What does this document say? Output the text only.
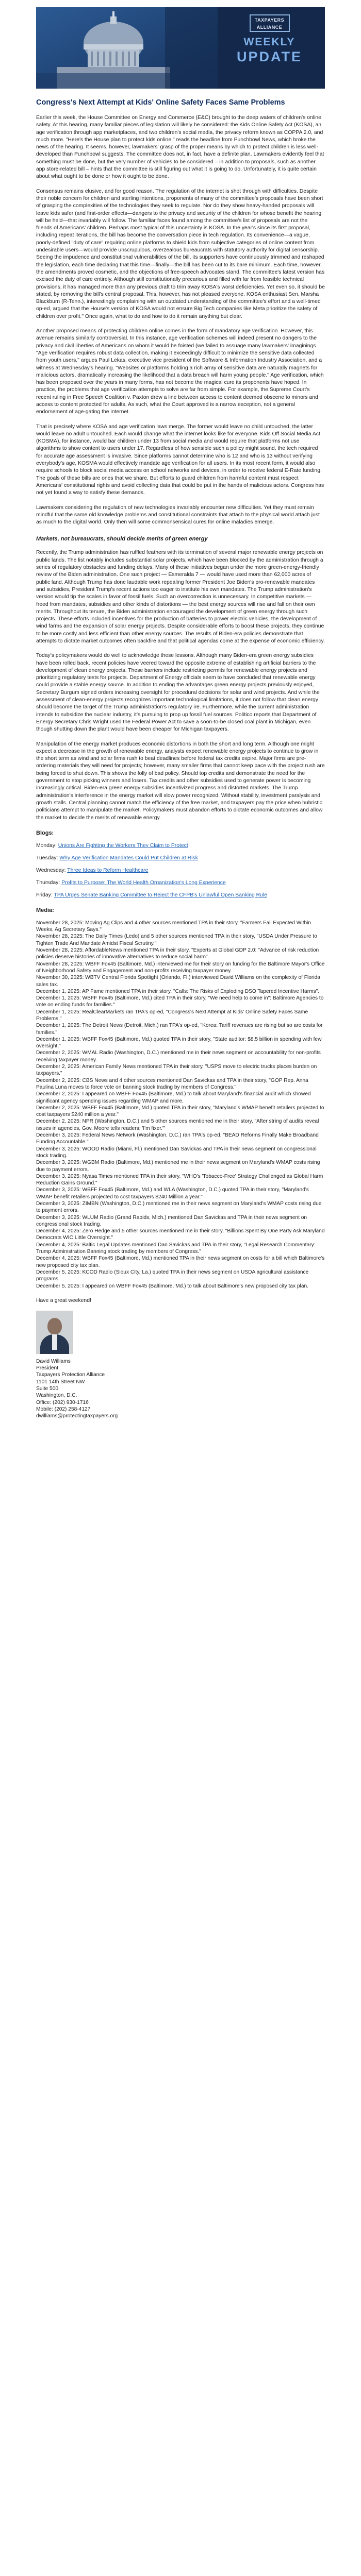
TAXPAYERS
ALLIANCE
WEEKLY
UPDATE
Congress's Next Attempt at Kids' Online Safety Faces Same Problems

Earlier this week, the House Committee on Energy and Commerce (E&C) brought to the deep waters of children's online safety. At this hearing, many familiar pieces of legislation will likely be considered: the Kids Online Safety Act (KOSA), an age verification through app marketplaces, and two children's social media, the privacy reform known as COPPA 2.0, and much more. "Here's the House plan to protect kids online," reads the headline from Punchbowl News, which broke the news of the hearing. It seems, however, lawmakers' grasp of the proper means by which to protect children is less well-developed than Punchbowl suggests. The committee does not, in fact, have a definite plan. Lawmakers evidently feel that something must be done, but the very number of vehicles to be considered – in addition to proposals, such as another app store-related bill – hints that the committee is still figuring out what it is going to do. Unfortunately, it is quite certain about what ought to be done or how it ought to be done.

Consensus remains elusive, and for good reason. The regulation of the internet is shot through with difficulties. Despite their noble concern for children and sterling intentions, proponents of many of the committee's proposals have been short of grasping the complexities of the technologies they seek to regulate. Nor do they show heavy-handed proposals will leave kids safer (and first-order effects—dangers to the privacy and security of the children for whose benefit the hearing will be held—that invariably will follow. The familiar faces found among the committee's list of proposals are not the friends of Americans' children. Perhaps most typical of this uncertainty is KOSA. In the year's since its first proposal, including repeat iterations, the bill has become the conversation piece in tech regulation. Its convenience—a vague, poorly-defined "duty of care" requiring online platforms to shield kids from subjective categories of online content from undesirable users—would provide unscrupulous, overzealous bureaucrats with statutory authority for digital censorship. Seeing the impudence and constitutional vulnerabilities of the bill, its supporters have continuously trimmed and reshaped the legislation, each time declaring that this time—finally—the bill has been cut to its bare minimum. Each time, however, the amendments proved cosmetic, and the objections of free-speech advocates stand. The committee's latest version has excised the duty of care entirely. Although still constitutionally precarious and filled with far from feasible technical provisions, it has managed more than any previous draft to trim away KOSA's worst deficiencies. Yet even so, it should be stated, by removing the bill's central proposal. This, however, has not pleased everyone. KOSA enthusiast Sen. Marsha Blackburn (R-Tenn.), interestingly complaining with an outdated understanding of the committee's effort and a well-timed op-ed, argued that the House's version of KOSA would not ensure Big Tech companies like Meta prioritize the safety of children over profit." Once again, what to do and how to do it remain anything but clear.

Another proposed means of protecting children online comes in the form of mandatory age verification. However, this avenue remains similarly controversial. In this instance, age verification schemes will indeed present no dangers to the privacy and civil liberties of Americans on whom it would be foisted (we failed to assuage many lawmakers' imaginings. "Age verification requires robust data collection, making it exceedingly difficult to minimize the sensitive data collected from youth users," argues Paul Lekas, executive vice president of the Software & Information Industry Association, and a witness at Wednesday's hearing. "Websites or platforms holding a rich array of sensitive data are naturally magnets for malicious actors, dramatically increasing the likelihood that a data breach will harm young people." Age verification, which has been proposed over the years in many forms, has not become the magical cure its proponents have hoped. In practice, the problems that age verification attempts to solve are far from simple. For example, the Supreme Court's recent ruling in Free Speech Coalition v. Paxton drew a line between access to content deemed obscene to minors and access to content protected for adults. As such, what the Court approved is a narrow exception, not a general endorsement of age-gating the internet.

That is precisely where KOSA and age verification laws merge. The former would leave no child untouched, the latter would leave no adult untouched. Each would change what the internet looks like for everyone. Kids Off Social Media Act (KOSMA), for instance, would bar children under 13 from social media and would require that platforms not use algorithms to show content to users under 17. Regardless of how sensible such a policy might sound, the tech required for accurate age assessment is invasive. Since platforms cannot determine who is 12 and who is 13 without verifying everybody's age, KOSMA would effectively mandate age verification for all users. In its most recent form, it would also require schools to block social media access on school networks and devices, in order to receive federal E-Rate funding. The goals of these bills are ones that we share. But efforts to guard children from harmful content must respect Americans' constitutional rights and avoid collecting data that could be put in the hands of malicious actors. Congress has not yet found a way to satisfy these demands.

Lawmakers considering the regulation of new technologies invariably encounter new difficulties. Yet they must remain mindful that the same old knowledge problems and constitutional constraints that attach to the physical world attach just as much to the digital world. Only then will some commonsensical cures for online maladies emerge.

Markets, not bureaucrats, should decide merits of green energy

Recently, the Trump administration has ruffled feathers with its termination of several major renewable energy projects on public lands. The list notably includes substantial solar projects, which have been blocked by the administration through a series of regulatory obstacles and funding delays. Many of these initiatives began under the more green-energy-friendly review of the Biden administration. One such project — Esmeralda 7 — would have used more than 62,000 acres of public land. Although Trump has done laudable work repealing former President Joe Biden's pro-renewable mandates and subsidies, President Trump's recent actions too eager to institute his own mandates. The Trump administration's version would tip the scales in favor of fossil fuels. Such an overcorrection is unnecessary. In competitive markets — freed from mandates, subsidies and other kinds of distortions — the best energy sources will rise and fall on their own merits. Throughout its tenure, the Biden administration encouraged the development of green energy through such projects. These efforts included incentives for the production of batteries to power electric vehicles, the development of wind farms and the expansion of solar energy projects. Despite considerable efforts to boost these projects, they continue to be more costly and less efficient than other energy sources. The results of Biden-era policies demonstrate that attempts to dictate market outcomes often backfire and that political agendas come at the expense of economic efficiency.

Today's policymakers would do well to acknowledge these lessons. Although many Biden-era green energy subsidies have been rolled back, recent policies have veered toward the opposite extreme of establishing artificial barriers to the development of clean energy projects. These barriers include restricting permits for renewable energy projects and prioritizing regulatory tests for projects. Department of Energy officials seem to have concluded that renewable energy could provide a stable energy source. In addition to ending the advantages green energy projects previously enjoyed, Secretary Burgum signed orders increasing oversight for procedural decisions for solar and wind projects. And while the assessment of clean-energy projects recognizes important technological limitations, it does not follow that clean energy should become the target of the Trump administration's regulatory ire. Furthermore, while the current administration intends to subsidize the nuclear industry, it's pursuing to prop up fossil fuel sources. Politico reports that Department of Energy Secretary Chris Wright used the Federal Power Act to save a soon-to-be closed coal plant in Michigan, even though shutting down the plant would have been cheaper for Michigan taxpayers.

Manipulation of the energy market produces economic distortions in both the short and long term. Although one might expect a decrease in the growth of renewable energy, analysts expect renewable energy projects to continue to grow in the short term as wind and solar firms rush to beat deadlines before federal tax credits expire. Major firms are pre-ordering materials they will need for projects; however, many smaller firms that cannot keep pace with the project rush are being forced to shut down. This shows the folly of bad policy. Should top credits and demonstrate the need for the government to stop picking winners and losers. Tax credits and other subsidies used to generate power is becoming increasingly critical. Biden-era green energy subsidies incentivized progress and distorted markets. The Trump administration's interference in the energy market will slow power recognized. Without stability, investment paralysis and growth stalls. Central planning cannot match the efficiency of the free market, and taxpayers pay the price when hubristic politicians attempt to manipulate the market. Policymakers must abandon efforts to dictate economic outcomes and allow the market to decide the merits of renewable energy.

Blogs:
Monday: Unions Are Fighting the Workers They Claim to Protect
Tuesday: Why Age Verification Mandates Could Put Children at Risk
Wednesday: Three Ideas to Reform Healthcare
Thursday: Profits to Purpose: The World Health Organization's Long Experience
Friday: TPA Urges Senate Banking Committee to Reject the CFPB's Unlawful Open Banking Rule
Media:

November 28, 2025: Moving Ag Clips and 4 other sources mentioned TPA in their story, "Farmers Fail Expected Within Weeks, Ag Secretary Says."

November 28, 2025: The Daily Times (Ledo) and 5 other sources mentioned TPA in their story, "USDA Under Pressure to Tighten Trade And Mandate Amidst Fiscal Scrutiny."

November 28, 2025: AffordableNews mentioned TPA in their story, "Experts at Global GDP 2.0: "Advance of risk reduction policies deserve histories of innovative alternatives to reduce social harm".

November 28, 2025: WBFF Fox45 (Baltimore, Md.) interviewed me for their story on funding for the Baltimore Mayor's Office of Neighborhood Safety and Engagement and non-profits receiving taxpayer money.

November 30, 2025: WBTV Central Florida Spotlight (Orlando, Fl.) interviewed David Williams on the complexity of Florida sales tax.

December 1, 2025: AP Fame mentioned TPA in their story, "Calls: The Risks of Exploding DSO Tapered Incentive Harms".

December 1, 2025: WBFF Fox45 (Baltimore, Md.) cited TPA in their story, "We need help to come in": Baltimore Agencies to vote on ending funds for families."

December 1, 2025: RealClearMarkets ran TPA's op-ed, "Congress's Next Attempt at Kids' Online Safety Faces Same Problems."

December 1, 2025: The Detroit News (Detroit, Mich.) ran TPA's op-ed, "Korea: Tariff revenues are rising but so are costs for families."

December 1, 2025: WBFF Fox45 (Baltimore, Md.) quoted TPA in their story, "State auditor: $8.5 billion in spending with few oversight."

December 2, 2025: WMAL Radio (Washington, D.C.) mentioned me in their news segment on accountability for non-profits receiving taxpayer money.

December 2, 2025: American Family News mentioned TPA in their story, "USPS move to electric trucks places burden on taxpayers."

December 2, 2025: CBS News and 4 other sources mentioned Dan Savickas and TPA in their story, "GOP Rep. Anna Paulina Luna moves to force vote on banning stock trading by members of Congress."

December 2, 2025: I appeared on WBFF Fox45 (Baltimore, Md.) to talk about Maryland's financial audit which showed significant agency spending issues regarding WMAP and more.

December 2, 2025: WBFF Fox45 (Baltimore, Md.) quoted TPA in their story, "Maryland's WMAP benefit retailers projected to cost taxpayers $240 million a year."

December 2, 2025: NPR (Washington, D.C.) and 5 other sources mentioned me in their story, "After string of audits reveal issues in agencies, Gov. Moore tells readers: 'I'm fixer.'"

December 3, 2025: Federal News Network (Washington, D.C.) ran TPA's op-ed, "BEAD Reforms Finally Make Broadband Funding Accountable."

December 3, 2025: WOOD Radio (Miami, Fl.) mentioned Dan Savickas and TPA in their news segment on congressional stock trading.

December 3, 2025: WGBM Radio (Baltimore, Md.) mentioned me in their news segment on Maryland's WMAP costs rising due to payment errors.

December 3, 2025: Nyasa Times mentioned TPA in their story, "WHO's 'Tobacco-Free' Strategy Challenged as Global Harm Reduction Gains Ground."

December 3, 2025: WBFF Fox45 (Baltimore, Md.) and WLA (Washington, D.C.) quoted TPA in their story, "Maryland's WMAP benefit retailers projected to cost taxpayers $240 Million a year."

December 3, 2025: ZIMBN (Washington, D.C.) mentioned me in their news segment on Maryland's WMAP costs rising due to payment errors.

December 3, 2025: WLUM Radio (Grand Rapids, Mich.) mentioned Dan Savickas and TPA in their news segment on congressional stock trading.

December 4, 2025: Zero Hedge and 5 other sources mentioned me in their story, "Billions Spent By One Party Ask Maryland Democrats WIC Little Oversight."

December 4, 2025: Baltic Legal Updates mentioned Dan Savickas and TPA in their story, "Legal Research Commentary: Trump Administration Banning stock trading by members of Congress."

December 4, 2025: WBFF Fox45 (Baltimore, Md.) mentioned TPA in their news segment on costs for a bill which Baltimore's new proposed city tax plan.

December 5, 2025: KCOD Radio (Sioux City, La.) quoted TPA in their news segment on USDA agricultural assistance programs.

December 5, 2025: I appeared on WBFF Fox45 (Baltimore, Md.) to talk about Baltimore's new proposed city tax plan.

Have a great weekend!
David Williams
President
Taxpayers Protection Alliance
1101 14th Street NW
Suite 500
Washington, D.C.
Office: (202) 930-1716
Mobile: (202) 258-4127
dwilliams@protectingtaxpayers.org
